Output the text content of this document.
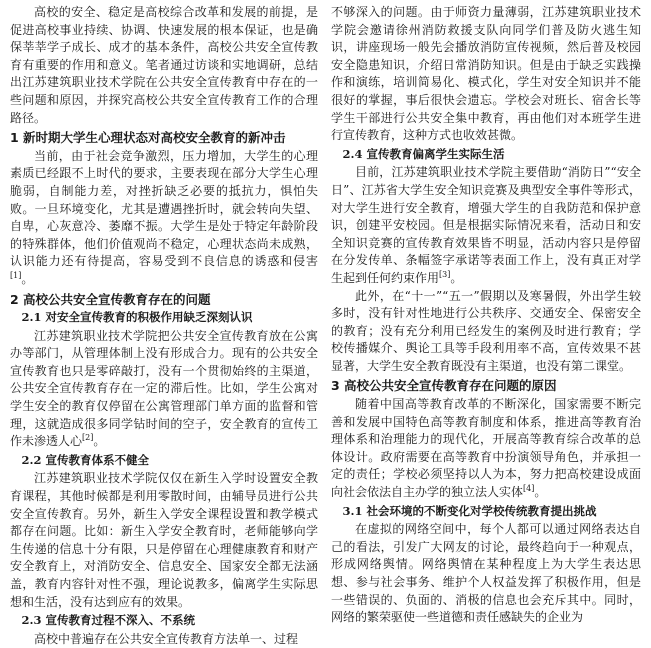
高校的安全、稳定是高校综合改革和发展的前提，是促进高校事业持续、协调、快速发展的根本保证，也是确保莘莘学子成长、成才的基本条件，高校公共安全宣传教育有重要的作用和意义。笔者通过访谈和实地调研，总结出江苏建筑职业技术学院在公共安全宣传教育中存在的一些问题和原因，并探究高校公共安全宣传教育工作的合理路径。

1 新时期大学生心理状态对高校安全教育的新冲击

当前，由于社会竞争激烈，压力增加，大学生的心理素质已经跟不上时代的要求，主要表现在部分大学生心理脆弱，自制能力差，对挫折缺乏必要的抵抗力，惧怕失败。一旦环境变化，尤其是遭遇挫折时，就会转向失望、自卑，心灰意冷、萎靡不振。大学生是处于特定年龄阶段的特殊群体，他们价值观尚不稳定，心理状态尚未成熟，认识能力还有待提高，容易受到不良信息的诱惑和侵害[1]。

2 高校公共安全宣传教育存在的问题
2.1 对安全宣传教育的积极作用缺乏深刻认识

江苏建筑职业技术学院把公共安全宣传教育放在公寓办等部门，从管理体制上没有形成合力。现有的公共安全宣传教育也只是零碎敲打，没有一个贯彻始终的主渠道，公共安全宣传教育存在一定的滞后性。比如，学生公寓对学生安全的教育仅停留在公寓管理部门单方面的监督和管理，这就造成很多同学钻时间的空子，安全教育的宣传工作未渗透人心[2]。

2.2 宣传教育体系不健全

江苏建筑职业技术学院仅仅在新生入学时设置安全教育课程，其他时候都是利用零散时间，由辅导员进行公共安全宣传教育。另外，新生入学安全课程设置和教学模式都存在问题。比如：新生入学安全教育时，老师能够向学生传递的信息十分有限，只是停留在心理健康教育和财产安全教育上，对消防安全、信息安全、国家安全都无法涵盖，教育内容针对性不强，理论说教多，偏离学生实际思想和生活，没有达到应有的效果。

2.3 宣传教育过程不深入、不系统

高校中普遍存在公共安全宣传教育方法单一、过程

不够深入的问题。由于师资力量薄弱，江苏建筑职业技术学院会邀请徐州消防救援支队向同学们普及防火逃生知识，讲座现场一般先会播放消防宣传视频，然后普及校园安全隐患知识，介绍日常消防知识。但是由于缺乏实践操作和演练，培训简易化、模式化，学生对安全知识并不能很好的掌握，事后很快会遗忘。学校会对班长、宿舍长等学生干部进行公共安全集中教育，再由他们对本班学生进行宣传教育，这种方式也收效甚微。

2.4 宣传教育偏离学生实际生活

目前，江苏建筑职业技术学院主要借助“消防日”“安全日”、江苏省大学生安全知识竞赛及典型安全事件等形式，对大学生进行安全教育，增强大学生的自我防范和保护意识，创建平安校园。但是根据实际情况来看，活动日和安全知识竞赛的宣传教育效果皆不明显，活动内容只是停留在分发传单、条幅签字承诺等表面工作上，没有真正对学生起到任何约束作用[3]。

此外，在“十一”“五一”假期以及寒暑假，外出学生较多时，没有针对性地进行公共秩序、交通安全、保密安全的教育；没有充分利用已经发生的案例及时进行教育；学校传播媒介、舆论工具等手段利用率不高，宣传效果不甚显著，大学生安全教育既没有主渠道，也没有第二课堂。

3 高校公共安全宣传教育存在问题的原因

随着中国高等教育改革的不断深化，国家需要不断完善和发展中国特色高等教育制度和体系，推进高等教育治理体系和治理能力的现代化，开展高等教育综合改革的总体设计。政府需要在高等教育中扮演领导角色，并承担一定的责任；学校必须坚持以人为本，努力把高校建设成面向社会依法自主办学的独立法人实体[4]。

3.1 社会环境的不断变化对学校传统教育提出挑战

在虚拟的网络空间中，每个人都可以通过网络表达自己的看法，引发广大网友的讨论，最终趋向于一种观点，形成网络舆情。网络舆情在某种程度上为大学生表达思想、参与社会事务、维护个人权益发挥了积极作用，但是一些错误的、负面的、消极的信息也会充斥其中。同时，网络的繁荣驱使一些道德和责任感缺失的企业为
